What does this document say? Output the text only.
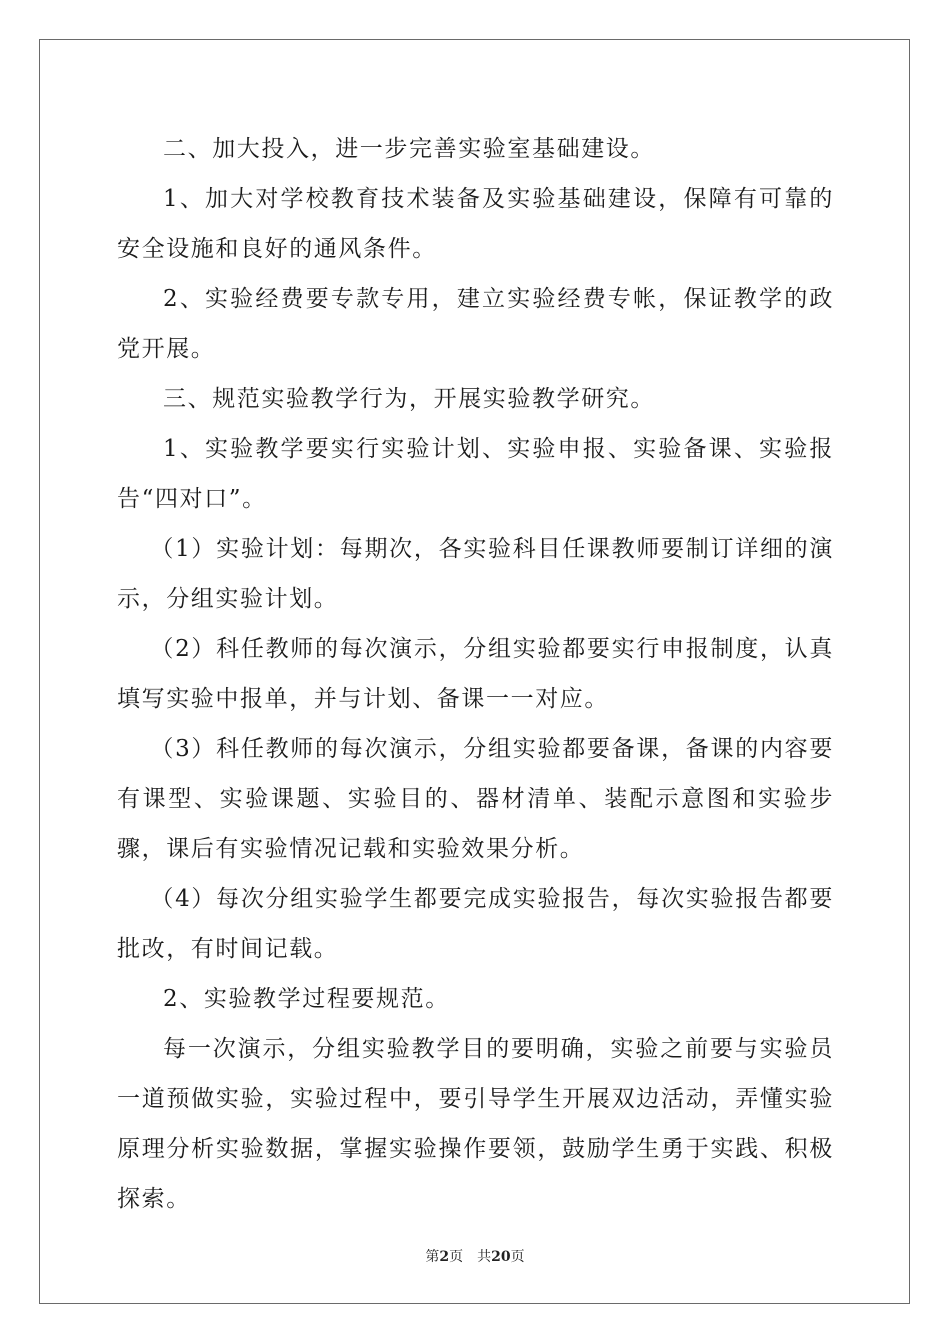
二、加大投入，进一步完善实验室基础建设。

1、加大对学校教育技术装备及实验基础建设，保障有可靠的安全设施和良好的通风条件。

2、实验经费要专款专用，建立实验经费专帐，保证教学的政党开展。

三、规范实验教学行为，开展实验教学研究。

1、实验教学要实行实验计划、实验申报、实验备课、实验报告“四对口”。

（1）实验计划：每期次，各实验科目任课教师要制订详细的演示，分组实验计划。

（2）科任教师的每次演示，分组实验都要实行申报制度，认真填写实验中报单，并与计划、备课一一对应。

（3）科任教师的每次演示，分组实验都要备课，备课的内容要有课型、实验课题、实验目的、器材清单、装配示意图和实验步骤，课后有实验情况记载和实验效果分析。

（4）每次分组实验学生都要完成实验报告，每次实验报告都要批改，有时间记载。

2、实验教学过程要规范。

每一次演示，分组实验教学目的要明确，实验之前要与实验员一道预做实验，实验过程中，要引导学生开展双边活动，弄懂实验原理分析实验数据，掌握实验操作要领，鼓励学生勇于实践、积极探索。

第2页 共20页
